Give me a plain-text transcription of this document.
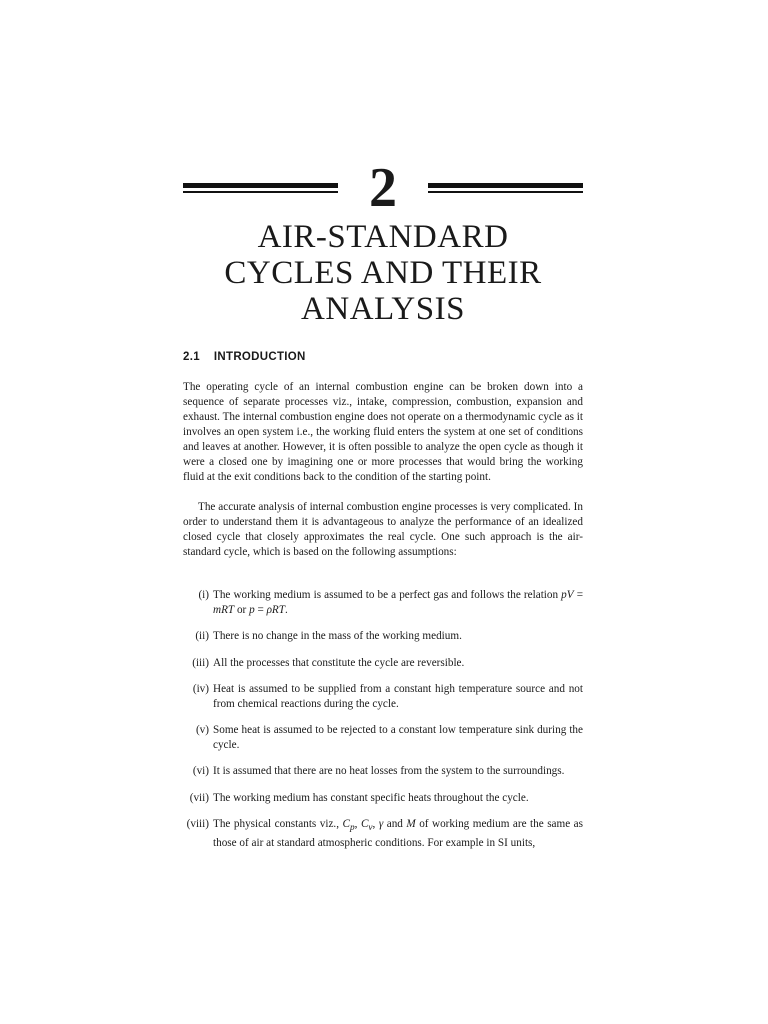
2
AIR-STANDARD
CYCLES AND THEIR
ANALYSIS
2.1 INTRODUCTION

The operating cycle of an internal combustion engine can be broken down into a sequence of separate processes viz., intake, compression, combustion, expansion and exhaust. The internal combustion engine does not operate on a thermodynamic cycle as it involves an open system i.e., the working fluid enters the system at one set of conditions and leaves at another. However, it is often possible to analyze the open cycle as though it were a closed one by imagining one or more processes that would bring the working fluid at the exit conditions back to the condition of the starting point.

The accurate analysis of internal combustion engine processes is very complicated. In order to understand them it is advantageous to analyze the performance of an idealized closed cycle that closely approximates the real cycle. One such approach is the air-standard cycle, which is based on the following assumptions:

(i) The working medium is assumed to be a perfect gas and follows the relation pV = mRT or p = ρRT.
(ii) There is no change in the mass of the working medium.
(iii) All the processes that constitute the cycle are reversible.
(iv) Heat is assumed to be supplied from a constant high temperature source and not from chemical reactions during the cycle.
(v) Some heat is assumed to be rejected to a constant low temperature sink during the cycle.
(vi) It is assumed that there are no heat losses from the system to the surroundings.
(vii) The working medium has constant specific heats throughout the cycle.
(viii) The physical constants viz., $C_p$, $C_v$, γ and M of working medium are the same as those of air at standard atmospheric conditions. For example in SI units,
